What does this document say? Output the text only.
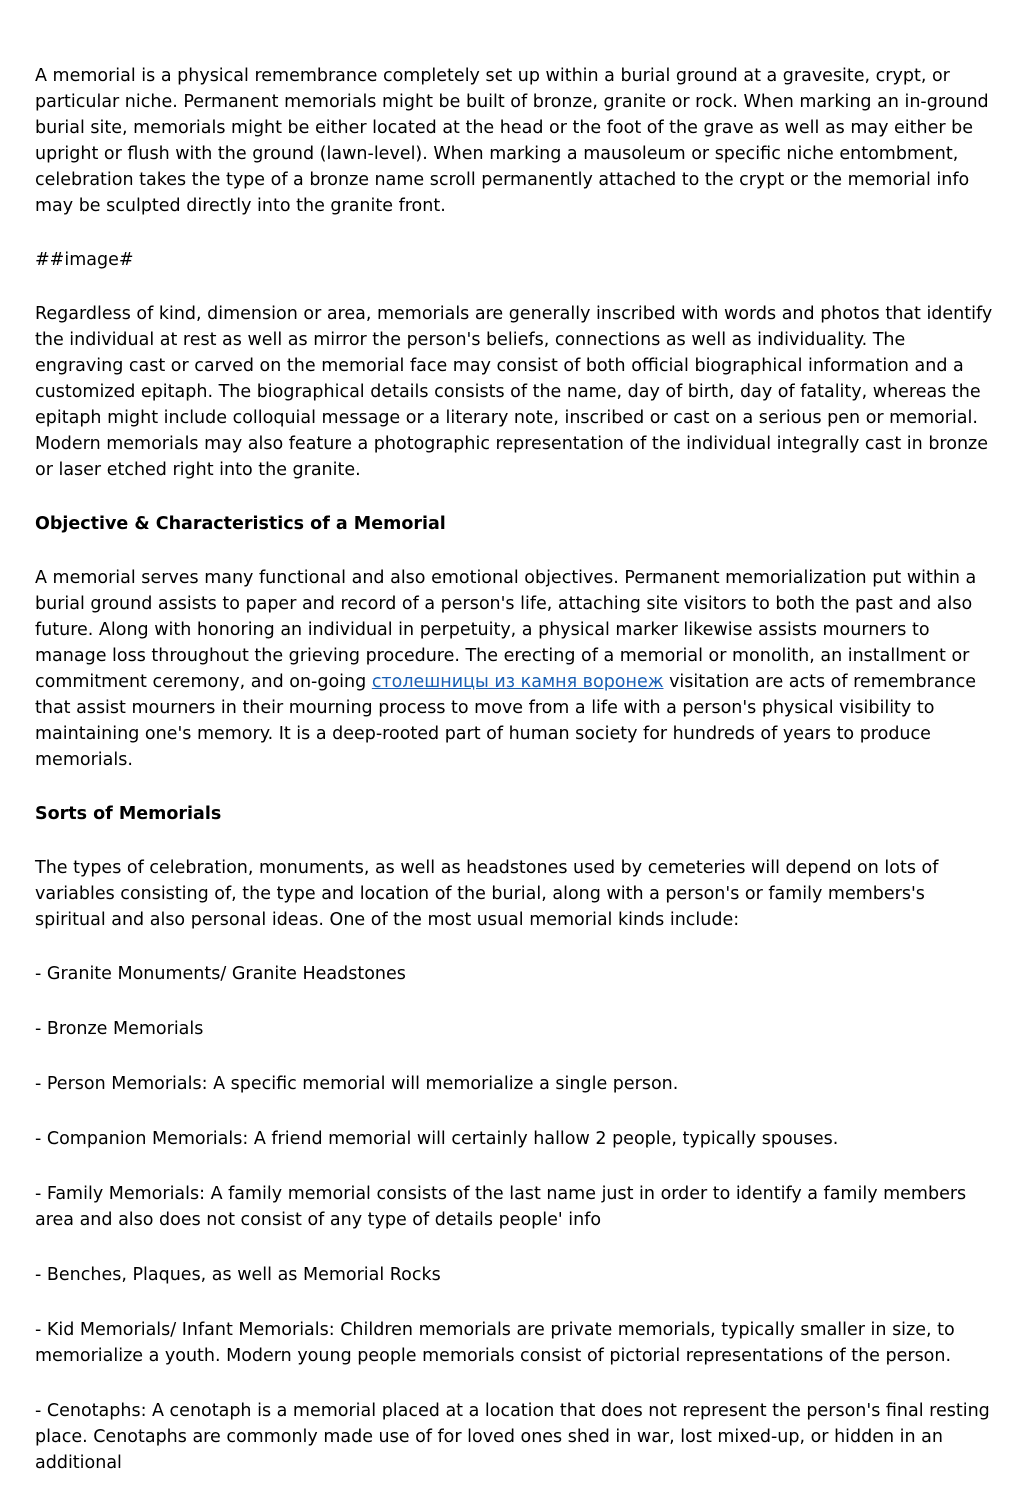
A memorial is a physical remembrance completely set up within a burial ground at a gravesite, crypt, or particular niche. Permanent memorials might be built of bronze, granite or rock. When marking an in-ground burial site, memorials might be either located at the head or the foot of the grave as well as may either be upright or flush with the ground (lawn-level). When marking a mausoleum or specific niche entombment, celebration takes the type of a bronze name scroll permanently attached to the crypt or the memorial info may be sculpted directly into the granite front.

##image#

Regardless of kind, dimension or area, memorials are generally inscribed with words and photos that identify the individual at rest as well as mirror the person's beliefs, connections as well as individuality. The engraving cast or carved on the memorial face may consist of both official biographical information and a customized epitaph. The biographical details consists of the name, day of birth, day of fatality, whereas the epitaph might include colloquial message or a literary note, inscribed or cast on a serious pen or memorial. Modern memorials may also feature a photographic representation of the individual integrally cast in bronze or laser etched right into the granite.

Objective & Characteristics of a Memorial

A memorial serves many functional and also emotional objectives. Permanent memorialization put within a burial ground assists to paper and record of a person's life, attaching site visitors to both the past and also future. Along with honoring an individual in perpetuity, a physical marker likewise assists mourners to manage loss throughout the grieving procedure. The erecting of a memorial or monolith, an installment or commitment ceremony, and on-going столешницы из камня воронеж visitation are acts of remembrance that assist mourners in their mourning process to move from a life with a person's physical visibility to maintaining one's memory. It is a deep-rooted part of human society for hundreds of years to produce memorials.

Sorts of Memorials

The types of celebration, monuments, as well as headstones used by cemeteries will depend on lots of variables consisting of, the type and location of the burial, along with a person's or family members's spiritual and also personal ideas. One of the most usual memorial kinds include:

- Granite Monuments/ Granite Headstones

- Bronze Memorials

- Person Memorials: A specific memorial will memorialize a single person.

- Companion Memorials: A friend memorial will certainly hallow 2 people, typically spouses.

- Family Memorials: A family memorial consists of the last name just in order to identify a family members area and also does not consist of any type of details people' info

- Benches, Plaques, as well as Memorial Rocks

- Kid Memorials/ Infant Memorials: Children memorials are private memorials, typically smaller in size, to memorialize a youth. Modern young people memorials consist of pictorial representations of the person.

- Cenotaphs: A cenotaph is a memorial placed at a location that does not represent the person's final resting place. Cenotaphs are commonly made use of for loved ones shed in war, lost mixed-up, or hidden in an additional
